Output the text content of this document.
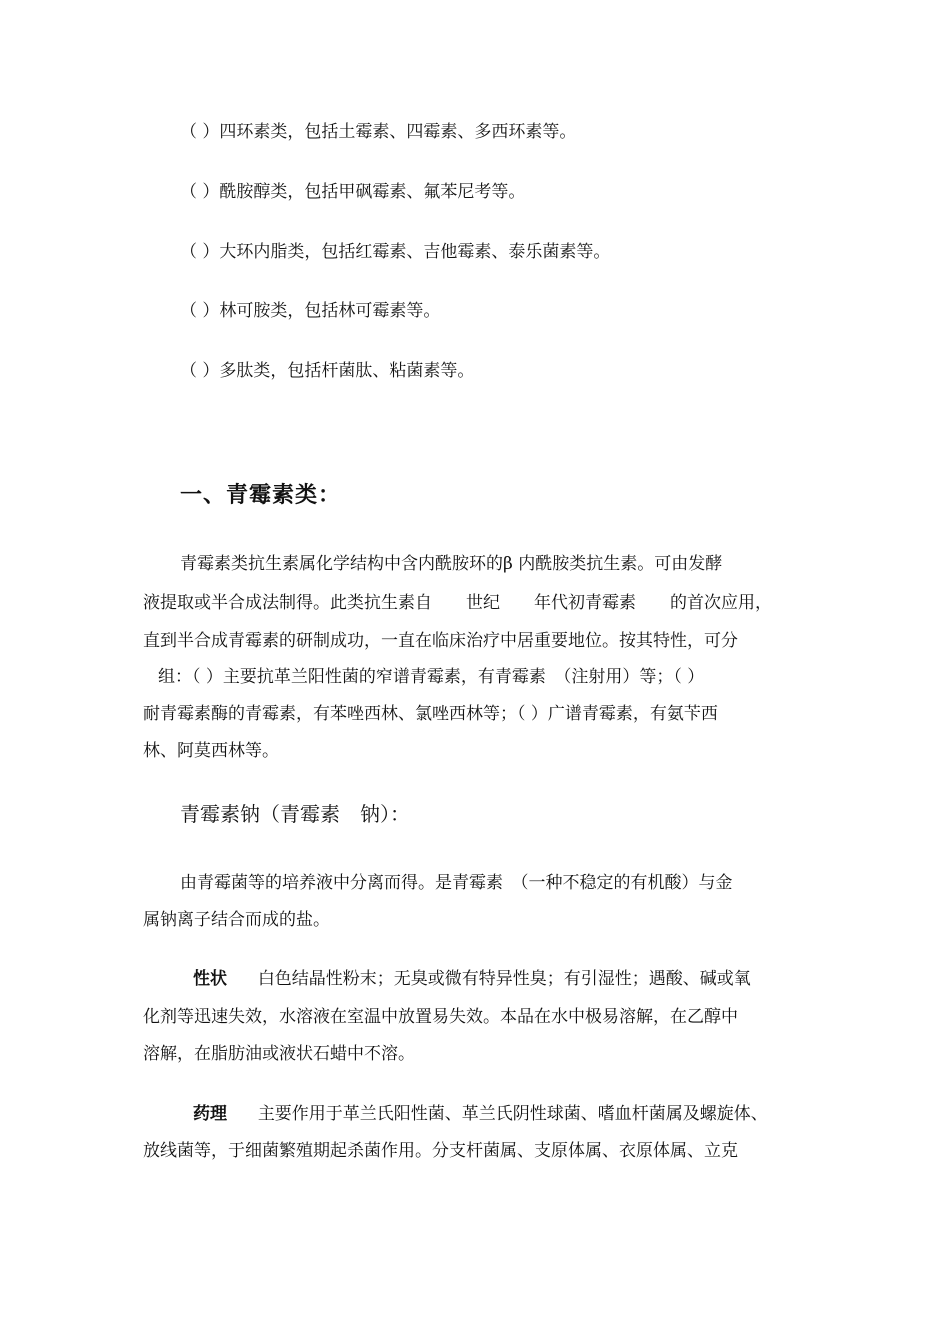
（ ）四环素类，包括土霉素、四霉素、多西环素等。
（ ）酰胺醇类，包括甲砜霉素、氟苯尼考等。
（ ）大环内脂类，包括红霉素、吉他霉素、泰乐菌素等。
（ ）林可胺类，包括林可霉素等。
（ ）多肽类，包括杆菌肽、粘菌素等。
一、青霉素类：
青霉素类抗生素属化学结构中含内酰胺环的β 内酰胺类抗生素。可由发酵
液提取或半合成法制得。此类抗生素自　　世纪　　年代初青霉素　　的首次应用，
直到半合成青霉素的研制成功，一直在临床治疗中居重要地位。按其特性，可分
组：（ ）主要抗革兰阳性菌的窄谱青霉素，有青霉素　（注射用）等；（ ）
耐青霉素酶的青霉素，有苯唑西林、氯唑西林等；（ ）广谱青霉素，有氨苄西
林、阿莫西林等。
青霉素钠（青霉素　钠）：
由青霉菌等的培养液中分离而得。是青霉素　（一种不稳定的有机酸）与金
属钠离子结合而成的盐。
性状 白色结晶性粉末；无臭或微有特异性臭；有引湿性；遇酸、碱或氧
化剂等迅速失效，水溶液在室温中放置易失效。本品在水中极易溶解，在乙醇中
溶解，在脂肪油或液状石蜡中不溶。
药理 主要作用于革兰氏阳性菌、革兰氏阴性球菌、嗜血杆菌属及螺旋体、
放线菌等，于细菌繁殖期起杀菌作用。分支杆菌属、支原体属、衣原体属、立克
